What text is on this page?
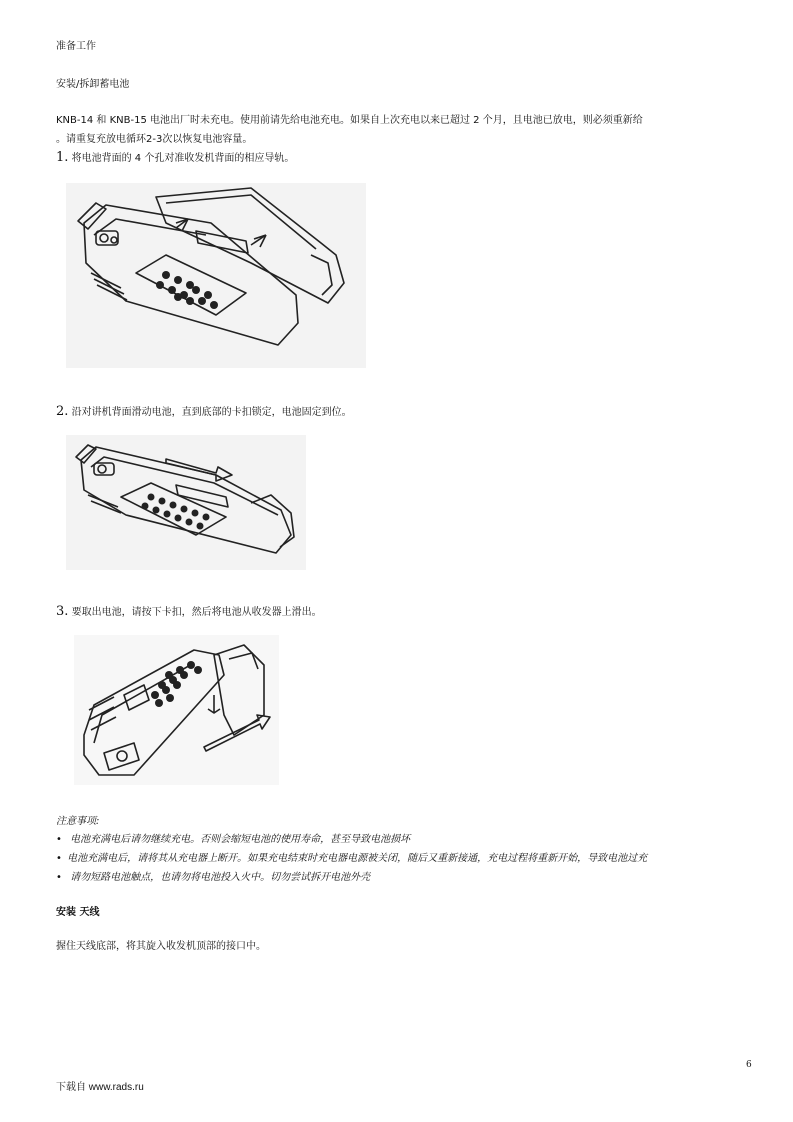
准备工作
安装/拆卸蓄电池
KNB-14 和 KNB-15 电池出厂时未充电。使用前请先给电池充电。如果自上次充电以来已超过 2 个月，且电池已放电，则必须重新给
。请重复充放电循环2-3次以恢复电池容量。
1. 将电池背面的 4 个孔对准收发机背面的相应导轨。
2. 沿对讲机背面滑动电池，直到底部的卡扣锁定，电池固定到位。
3. 要取出电池，请按下卡扣，然后将电池从收发器上滑出。
注意事项:
• 电池充满电后请勿继续充电。否则会缩短电池的使用寿命，甚至导致电池损坏
• 电池充满电后，请将其从充电器上断开。如果充电结束时充电器电源被关闭，随后又重新接通，充电过程将重新开始，导致电池过充
• 请勿短路电池触点，也请勿将电池投入火中。切勿尝试拆开电池外壳
安装 天线
握住天线底部，将其旋入收发机顶部的接口中。
6
下载自 www.rads.ru
